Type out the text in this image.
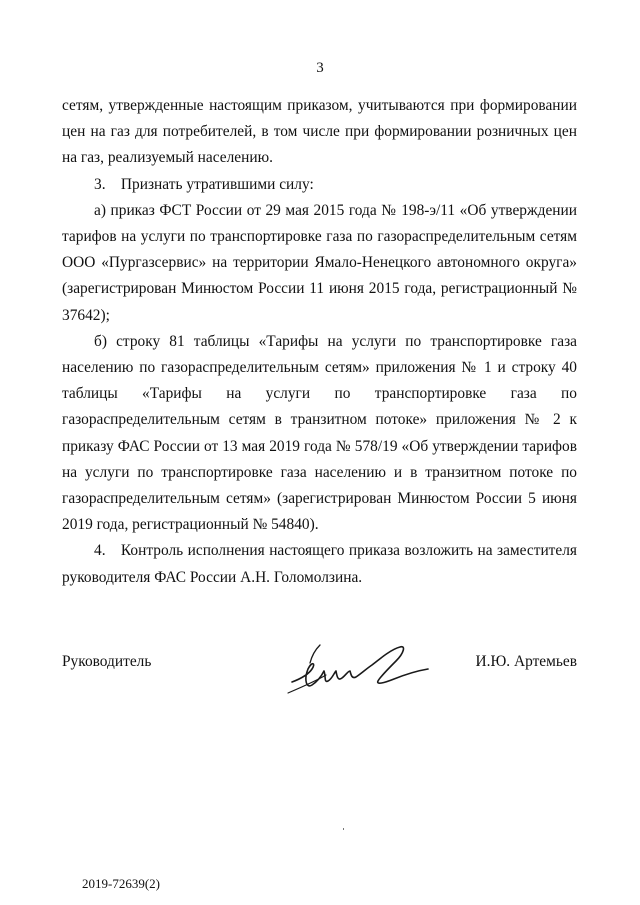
3

сетям, утвержденные настоящим приказом, учитываются при формировании цен на газ для потребителей, в том числе при формировании розничных цен на газ, реализуемый населению.

3. Признать утратившими силу:

а) приказ ФСТ России от 29 мая 2015 года № 198-э/11 «Об утверждении тарифов на услуги по транспортировке газа по газораспределительным сетям ООО «Пургазсервис» на территории Ямало-Ненецкого автономного округа» (зарегистрирован Минюстом России 11 июня 2015 года, регистрационный № 37642);

б) строку 81 таблицы «Тарифы на услуги по транспортировке газа населению по газораспределительным сетям» приложения № 1 и строку 40 таблицы «Тарифы на услуги по транспортировке газа по газораспределительным сетям в транзитном потоке» приложения № 2 к приказу ФАС России от 13 мая 2019 года № 578/19 «Об утверждении тарифов на услуги по транспортировке газа населению и в транзитном потоке по газораспределительным сетям» (зарегистрирован Минюстом России 5 июня 2019 года, регистрационный № 54840).

4. Контроль исполнения настоящего приказа возложить на заместителя руководителя ФАС России А.Н. Голомолзина.

Руководитель	И.Ю. Артемьев
2019-72639(2)
